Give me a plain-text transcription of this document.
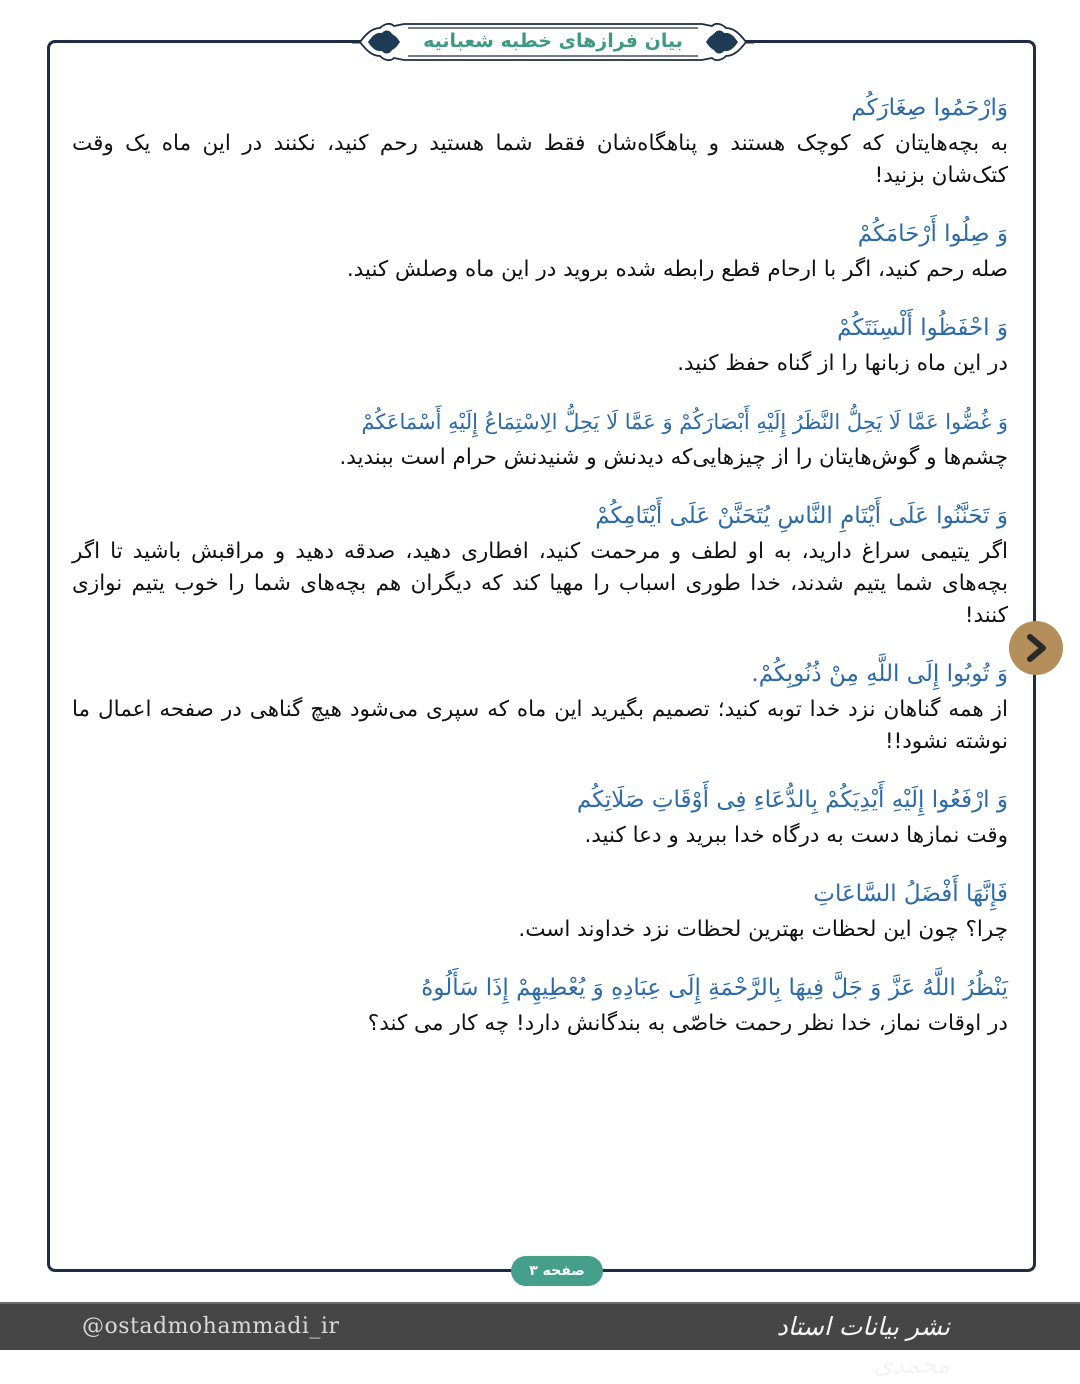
بیان فرازهای خطبه شعبانیه
وَارْحَمُوا صِغَارَكُم
به بچه‌هایتان که کوچک هستند و پناهگاه‌شان فقط شما هستید رحم کنید، نکنند در این ماه یک وقت کتک‌شان بزنید!
وَ صِلُوا أَرْحَامَكُمْ
صله رحم کنید، اگر با ارحام قطع رابطه شده بروید در این ماه وصلش کنید.
وَ احْفَظُوا أَلْسِنَتَكُمْ
در این ماه زبانها را از گناه حفظ کنید.
وَ غُضُّوا عَمَّا لَا یَحِلُّ النَّظَرُ إِلَیْهِ أَبْصَارَكُمْ وَ عَمَّا لَا یَحِلُّ الِاسْتِمَاعُ إِلَیْهِ أَسْمَاعَكُمْ
چشم‌ها و گوش‌هایتان را از چیزهایی‌که دیدنش و شنیدنش حرام است ببندید.
وَ تَحَنَّنُوا عَلَى أَيْتَامِ النَّاسِ يُتَحَنَّنْ عَلَى أَيْتَامِكُمْ
اگر یتیمی سراغ دارید، به او لطف و مرحمت کنید، افطاری دهید، صدقه دهید و مراقبش باشید تا اگر بچه‌های شما یتیم شدند، خدا طوری اسباب را مهیا کند که دیگران هم بچه‌های شما را خوب یتیم نوازی کنند!
وَ تُوبُوا إِلَى اللَّهِ مِنْ ذُنُوبِكُمْ.
از همه گناهان نزد خدا توبه کنید؛ تصمیم بگیرید این ماه که سپری می‌شود هیچ گناهی در صفحه اعمال ما نوشته نشود!!
وَ ارْفَعُوا إِلَیْهِ أَیْدِیَكُمْ بِالدُّعَاءِ فِی أَوْقَاتِ صَلَاتِكُم
وقت نمازها دست به درگاه خدا ببرید و دعا کنید.
فَإِنَّهَا أَفْضَلُ السَّاعَاتِ
چرا؟ چون این لحظات بهترین لحظات نزد خداوند است.
یَنْظُرُ اللَّهُ عَزَّ وَ جَلَّ فِیهَا بِالرَّحْمَةِ إِلَى عِبَادِهِ وَ یُعْطِیهِمْ إِذَا سَأَلُوهُ
در اوقات نماز، خدا نظر رحمت خاصّی به بندگانش دارد! چه کار می کند؟
صفحه ۳
@ostadmohammadi_ir	نشر بیانات استاد محمدی
